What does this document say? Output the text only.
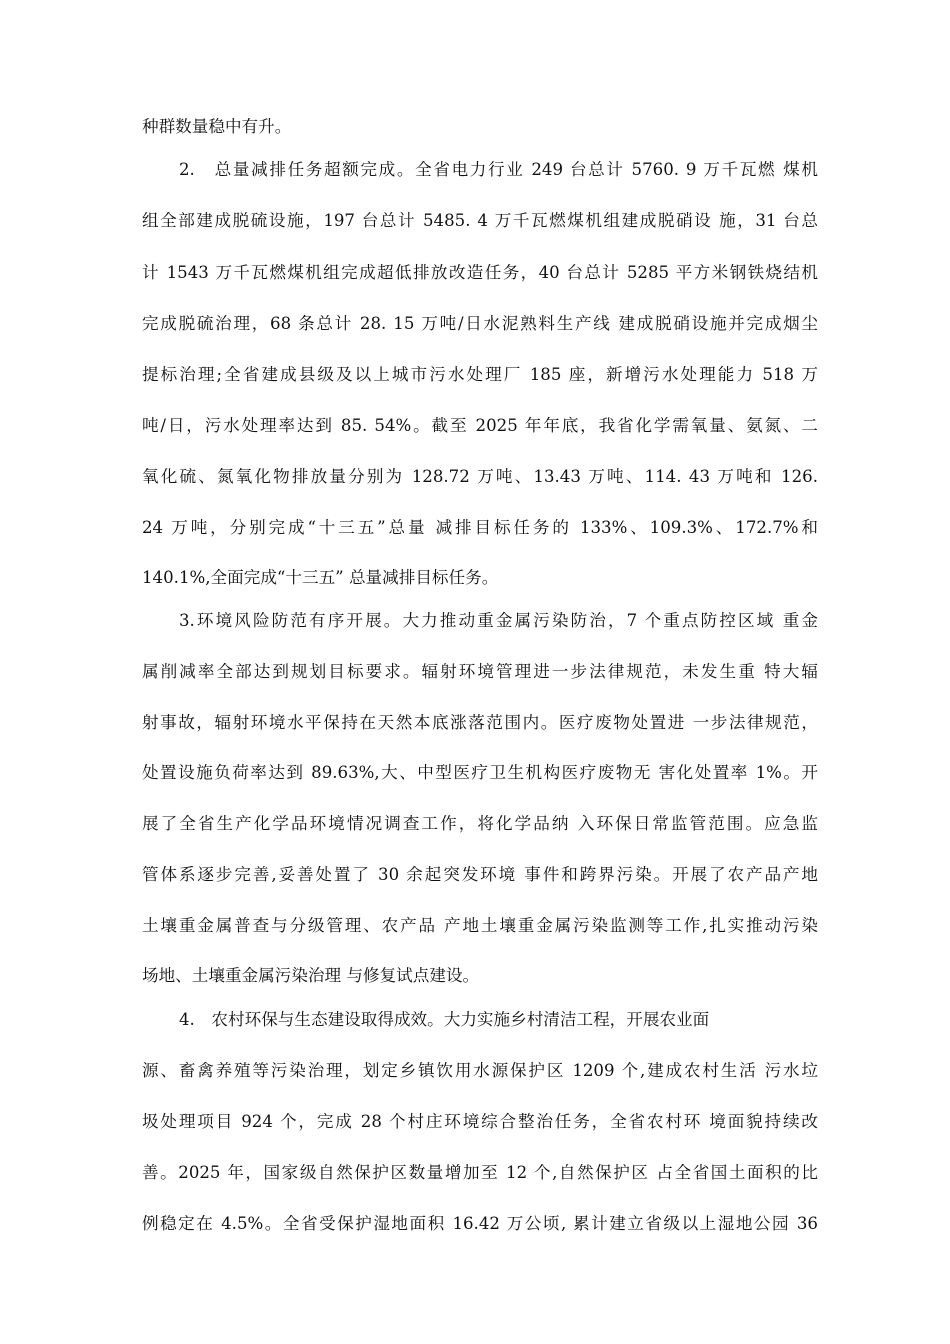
种群数量稳中有升。
2.　总量减排任务超额完成。全省电力行业 249 台总计 5760. 9 万千瓦燃 煤机
组全部建成脱硫设施，197 台总计 5485. 4 万千瓦燃煤机组建成脱硝设 施，31 台总
计 1543 万千瓦燃煤机组完成超低排放改造任务，40 台总计 5285 平方米钢铁烧结机
完成脱硫治理，68 条总计 28. 15 万吨/日水泥熟料生产线 建成脱硝设施并完成烟尘
提标治理;全省建成县级及以上城市污水处理厂 185 座，新增污水处理能力 518 万
吨/日，污水处理率达到 85. 54%。截至 2025 年年底，我省化学需氧量、氨氮、二
氧化硫、氮氧化物排放量分别为 128.72 万吨、13.43 万吨、114. 43 万吨和 126.
24 万吨，分别完成“十三五”总量 减排目标任务的 133%、109.3%、172.7%和
140.1%,全面完成“十三五” 总量减排目标任务。
3.环境风险防范有序开展。大力推动重金属污染防治，7 个重点防控区域 重金
属削减率全部达到规划目标要求。辐射环境管理进一步法律规范，未发生重 特大辐
射事故，辐射环境水平保持在天然本底涨落范围内。医疗废物处置进 一步法律规范，
处置设施负荷率达到 89.63%,大、中型医疗卫生机构医疗废物无 害化处置率 1%。开
展了全省生产化学品环境情况调查工作，将化学品纳 入环保日常监管范围。应急监
管体系逐步完善,妥善处置了 30 余起突发环境 事件和跨界污染。开展了农产品产地
土壤重金属普查与分级管理、农产品 产地土壤重金属污染监测等工作,扎实推动污染
场地、土壤重金属污染治理 与修复试点建设。
4.　农村环保与生态建设取得成效。大力实施乡村清洁工程，开展农业面
源、畜禽养殖等污染治理，划定乡镇饮用水源保护区 1209 个,建成农村生活 污水垃
圾处理项目 924 个，完成 28 个村庄环境综合整治任务，全省农村环 境面貌持续改
善。2025 年，国家级自然保护区数量增加至 12 个,自然保护区 占全省国土面积的比
例稳定在 4.5%。全省受保护湿地面积 16.42 万公顷, 累计建立省级以上湿地公园 36
